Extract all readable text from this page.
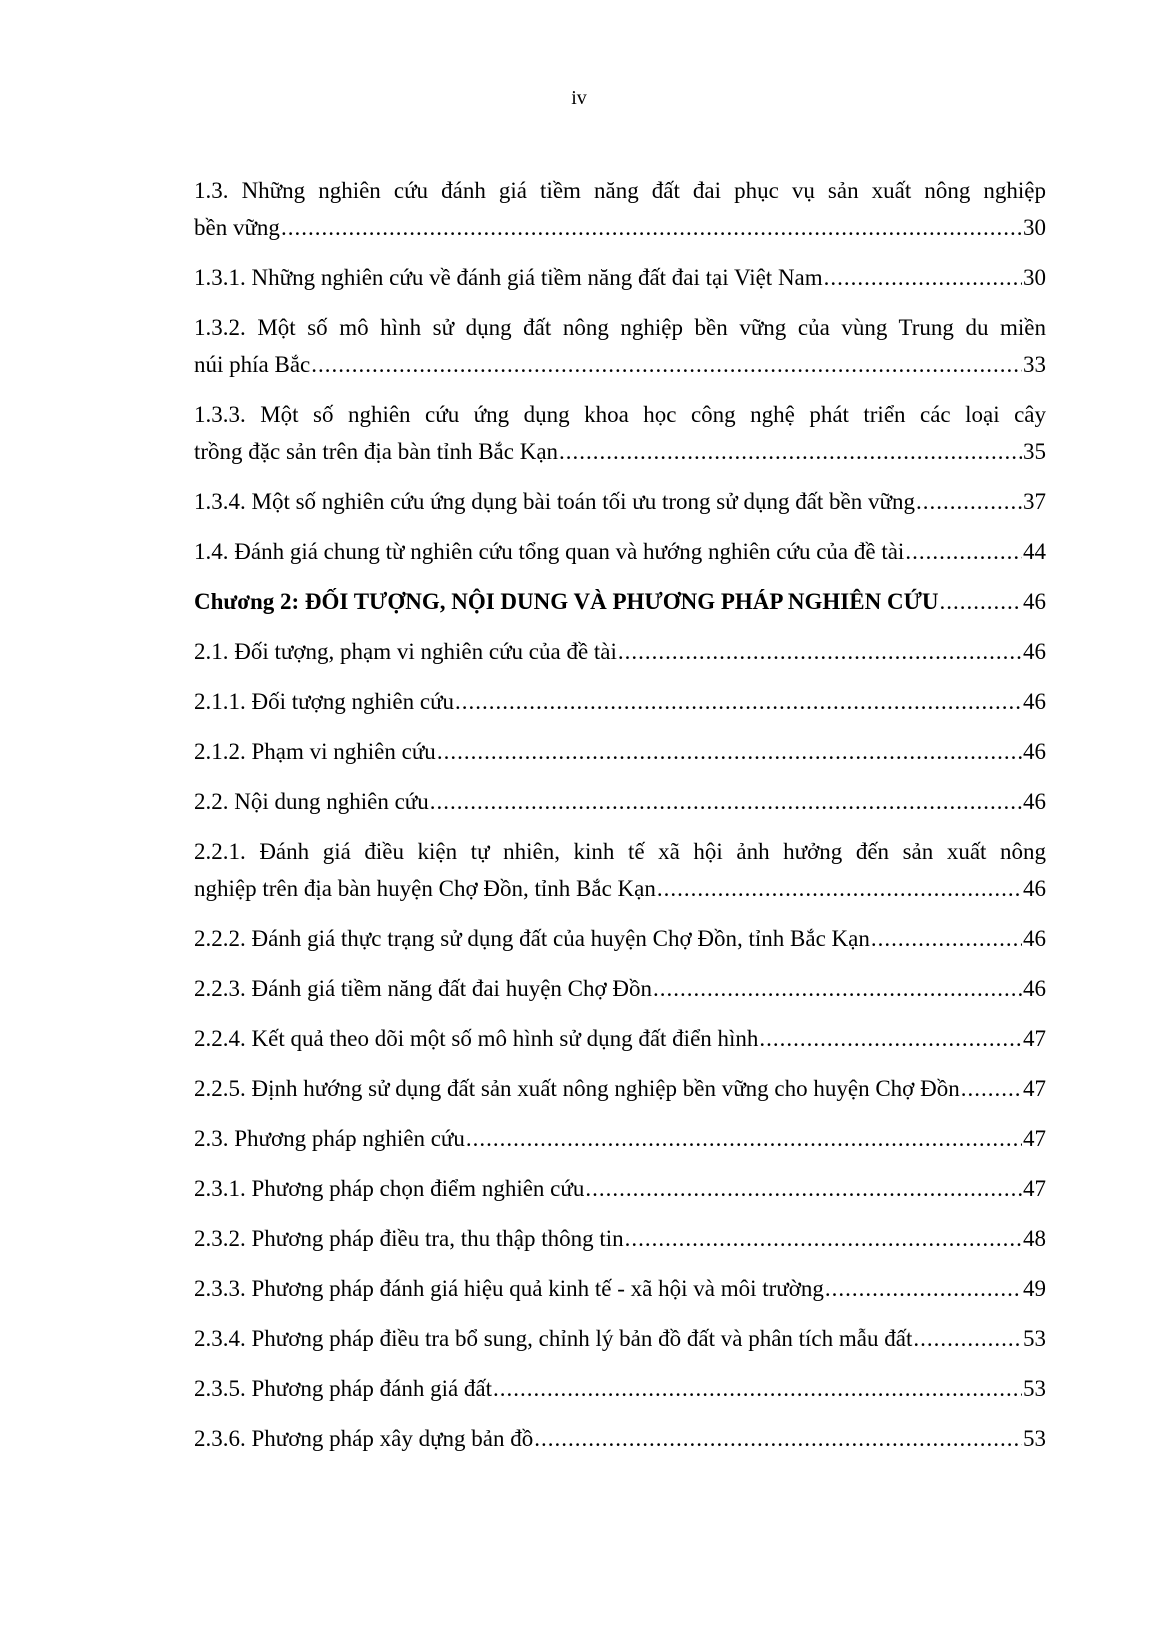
iv
1.3. Những nghiên cứu đánh giá tiềm năng đất đai phục vụ sản xuất nông nghiệp
bền vững .....	30
1.3.1. Những nghiên cứu về đánh giá tiềm năng đất đai tại Việt Nam .....	30
1.3.2. Một số mô hình sử dụng đất nông nghiệp bền vững của vùng Trung du miền
núi phía Bắc .....	33
1.3.3. Một số nghiên cứu ứng dụng khoa học công nghệ phát triển các loại cây
trồng đặc sản trên địa bàn tỉnh Bắc Kạn .....	35
1.3.4. Một số nghiên cứu ứng dụng bài toán tối ưu trong sử dụng đất bền vững .....	37
1.4. Đánh giá chung từ nghiên cứu tổng quan và hướng nghiên cứu của đề tài .....	44
Chương 2: ĐỐI TƯỢNG, NỘI DUNG VÀ PHƯƠNG PHÁP NGHIÊN CỨU .....	46
2.1. Đối tượng, phạm vi nghiên cứu của đề tài .....	46
2.1.1. Đối tượng nghiên cứu .....	46
2.1.2. Phạm vi nghiên cứu .....	46
2.2. Nội dung nghiên cứu .....	46
2.2.1. Đánh giá điều kiện tự nhiên, kinh tế xã hội ảnh hưởng đến sản xuất nông
nghiệp trên địa bàn huyện Chợ Đồn, tỉnh Bắc Kạn .....	46
2.2.2. Đánh giá thực trạng sử dụng đất của huyện Chợ Đồn, tỉnh Bắc Kạn .....	46
2.2.3. Đánh giá tiềm năng đất đai huyện Chợ Đồn .....	46
2.2.4. Kết quả theo dõi một số mô hình sử dụng đất điển hình .....	47
2.2.5. Định hướng sử dụng đất sản xuất nông nghiệp bền vững cho huyện Chợ Đồn .....	47
2.3. Phương pháp nghiên cứu .....	47
2.3.1. Phương pháp chọn điểm nghiên cứu .....	47
2.3.2. Phương pháp điều tra, thu thập thông tin .....	48
2.3.3. Phương pháp đánh giá hiệu quả kinh tế - xã hội và môi trường .....	49
2.3.4. Phương pháp điều tra bổ sung, chỉnh lý bản đồ đất và phân tích mẫu đất .....	53
2.3.5. Phương pháp đánh giá đất .....	53
2.3.6. Phương pháp xây dựng bản đồ .....	53
